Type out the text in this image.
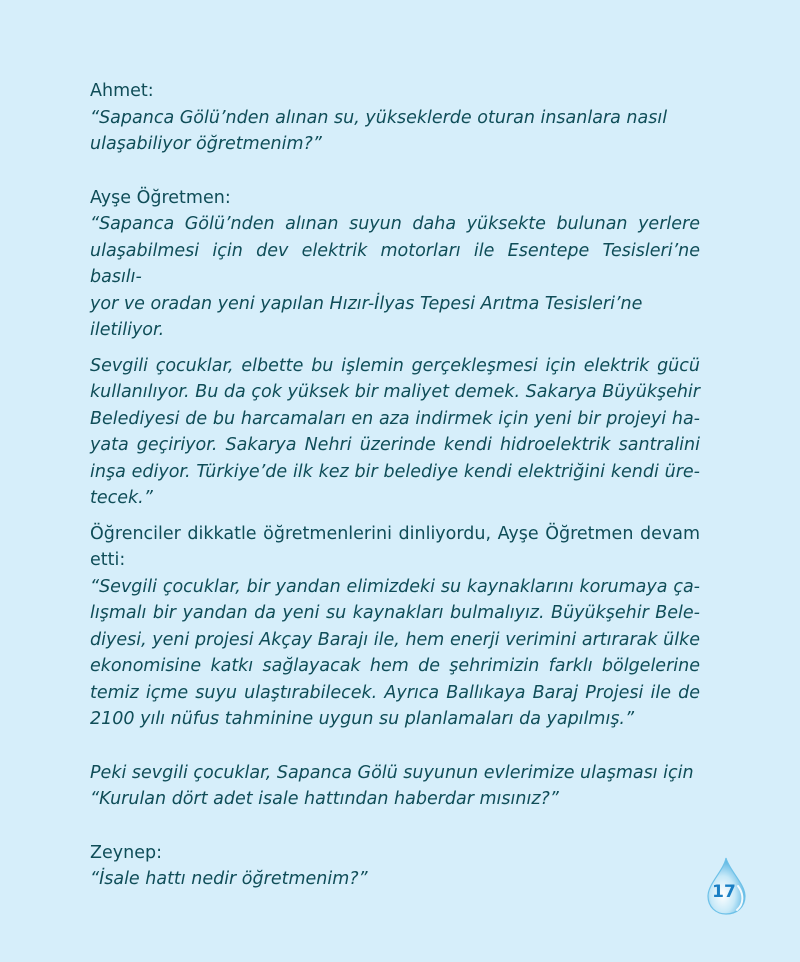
Ahmet:

“Sapanca Gölü’nden alınan su, yükseklerde oturan insanlara nasıl

ulaşabiliyor öğretmenim?”

Ayşe Öğretmen:

“Sapanca Gölü’nden alınan suyun daha yüksekte bulunan yerlere

ulaşabilmesi için dev elektrik motorları ile Esentepe Tesisleri’ne basılı-

yor ve oradan yeni yapılan Hızır-İlyas Tepesi Arıtma Tesisleri’ne iletiliyor.

Sevgili çocuklar, elbette bu işlemin gerçekleşmesi için elektrik gücü

kullanılıyor. Bu da çok yüksek bir maliyet demek. Sakarya Büyükşehir

Belediyesi de bu harcamaları en aza indirmek için yeni bir projeyi ha-

yata geçiriyor. Sakarya Nehri üzerinde kendi hidroelektrik santralini

inşa ediyor. Türkiye’de ilk kez bir belediye kendi elektriğini kendi üre-

tecek.”

Öğrenciler dikkatle öğretmenlerini dinliyordu, Ayşe Öğretmen devam

etti:

“Sevgili çocuklar, bir yandan elimizdeki su kaynaklarını korumaya ça-

lışmalı bir yandan da yeni su kaynakları bulmalıyız. Büyükşehir Bele-

diyesi, yeni projesi Akçay Barajı ile, hem enerji verimini artırarak ülke

ekonomisine katkı sağlayacak hem de şehrimizin farklı bölgelerine

temiz içme suyu ulaştırabilecek. Ayrıca Ballıkaya Baraj Projesi ile de

2100 yılı nüfus tahminine uygun su planlamaları da yapılmış.”

Peki sevgili çocuklar, Sapanca Gölü suyunun evlerimize ulaşması için

“Kurulan dört adet isale hattından haberdar mısınız?”

Zeynep:

“İsale hattı nedir öğretmenim?”

17
